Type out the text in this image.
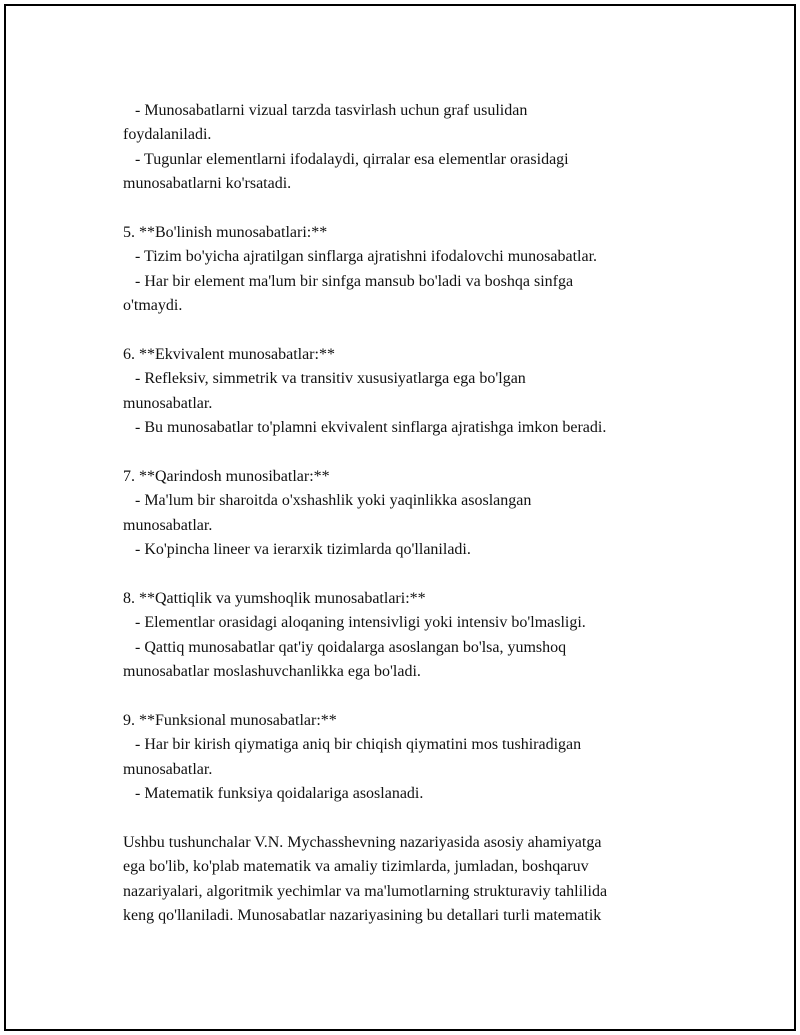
- Munosabatlarni vizual tarzda tasvirlash uchun graf usulidan
foydalaniladi.
- Tugunlar elementlarni ifodalaydi, qirralar esa elementlar orasidagi
munosabatlarni ko'rsatadi.
5. **Bo'linish munosabatlari:**
- Tizim bo'yicha ajratilgan sinflarga ajratishni ifodalovchi munosabatlar.
- Har bir element ma'lum bir sinfga mansub bo'ladi va boshqa sinfga
o'tmaydi.
6. **Ekvivalent munosabatlar:**
- Refleksiv, simmetrik va transitiv xususiyatlarga ega bo'lgan
munosabatlar.
- Bu munosabatlar to'plamni ekvivalent sinflarga ajratishga imkon beradi.
7. **Qarindosh munosibatlar:**
- Ma'lum bir sharoitda o'xshashlik yoki yaqinlikka asoslangan
munosabatlar.
- Ko'pincha lineer va ierarxik tizimlarda qo'llaniladi.
8. **Qattiqlik va yumshoqlik munosabatlari:**
- Elementlar orasidagi aloqaning intensivligi yoki intensiv bo'lmasligi.
- Qattiq munosabatlar qat'iy qoidalarga asoslangan bo'lsa, yumshoq
munosabatlar moslashuvchanlikka ega bo'ladi.
9. **Funksional munosabatlar:**
- Har bir kirish qiymatiga aniq bir chiqish qiymatini mos tushiradigan
munosabatlar.
- Matematik funksiya qoidalariga asoslanadi.
Ushbu tushunchalar V.N. Mychasshevning nazariyasida asosiy ahamiyatga
ega bo'lib, ko'plab matematik va amaliy tizimlarda, jumladan, boshqaruv
nazariyalari, algoritmik yechimlar va ma'lumotlarning strukturaviy tahlilida
keng qo'llaniladi. Munosabatlar nazariyasining bu detallari turli matematik
